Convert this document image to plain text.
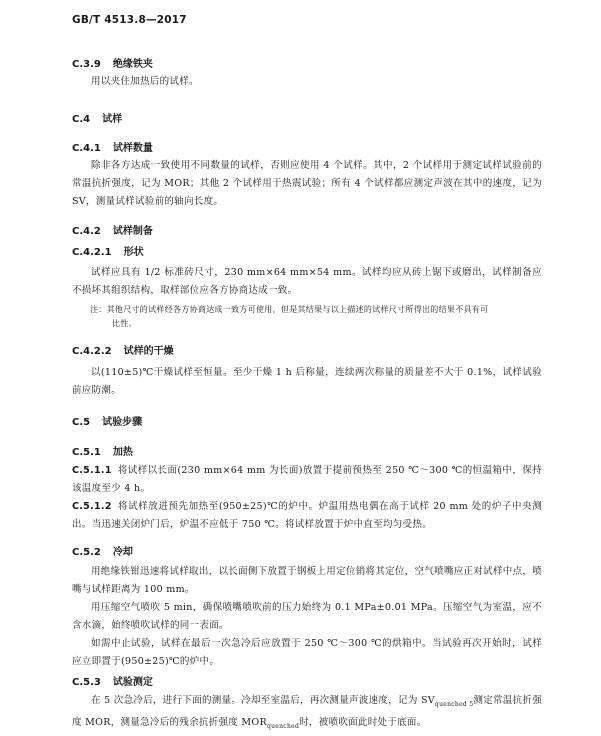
GB/T 4513.8—2017
C.3.9 绝缘铁夹
用以夹住加热后的试样。
C.4 试样
C.4.1 试样数量
除非各方达成一致使用不同数量的试样，否则应使用 4 个试样。其中，2 个试样用于测定试样试验前的常温抗折强度，记为 MOR；其他 2 个试样用于热震试验；所有 4 个试样都应测定声波在其中的速度，记为 SV，测量试样试验前的轴向长度。
C.4.2 试样制备
C.4.2.1 形状
试样应具有 1/2 标准砖尺寸，230 mm×64 mm×54 mm。试样均应从砖上锯下或磨出，试样制备应不损坏其组织结构，取样部位应各方协商达成一致。
注：其他尺寸的试样经各方协商达成一致方可使用，但是其结果与以上描述的试样尺寸所得出的结果不具有可
比性。
C.4.2.2 试样的干燥
以(110±5)℃干燥试样至恒量。至少干燥 1 h 后称量，连续两次称量的质量差不大于 0.1%，试样试验前应防潮。
C.5 试验步骤
C.5.1 加热
C.5.1.1 将试样以长面(230 mm×64 mm 为长面)放置于提前预热至 250 ℃～300 ℃的恒温箱中，保持该温度至少 4 h。
C.5.1.2 将试样放进预先加热至(950±25)℃的炉中。炉温用热电偶在高于试样 20 mm 处的炉子中央测出。当迅速关闭炉门后，炉温不应低于 750 ℃。将试样放置于炉中直至均匀受热。
C.5.2 冷却
用绝缘铁钳迅速将试样取出，以长面侧下放置于钢板上用定位销将其定位，空气喷嘴应正对试样中点，喷嘴与试样距离为 100 mm。
用压缩空气喷吹 5 min，确保喷嘴喷吹前的压力始终为 0.1 MPa±0.01 MPa。压缩空气为室温，应不含水滴，始终喷吹试样的同一表面。
如需中止试验，试样在最后一次急冷后应放置于 250 ℃～300 ℃的烘箱中。当试验再次开始时，试样应立即置于(950±25)℃的炉中。
C.5.3 试验测定
在 5 次急冷后，进行下面的测量。冷却至室温后，再次测量声波速度，记为 $SV_{quenched 5}$测定常温抗折强度 MOR，测量急冷后的残余抗折强度 $MOR_{quenched}$时，被喷吹面此时处于底面。
